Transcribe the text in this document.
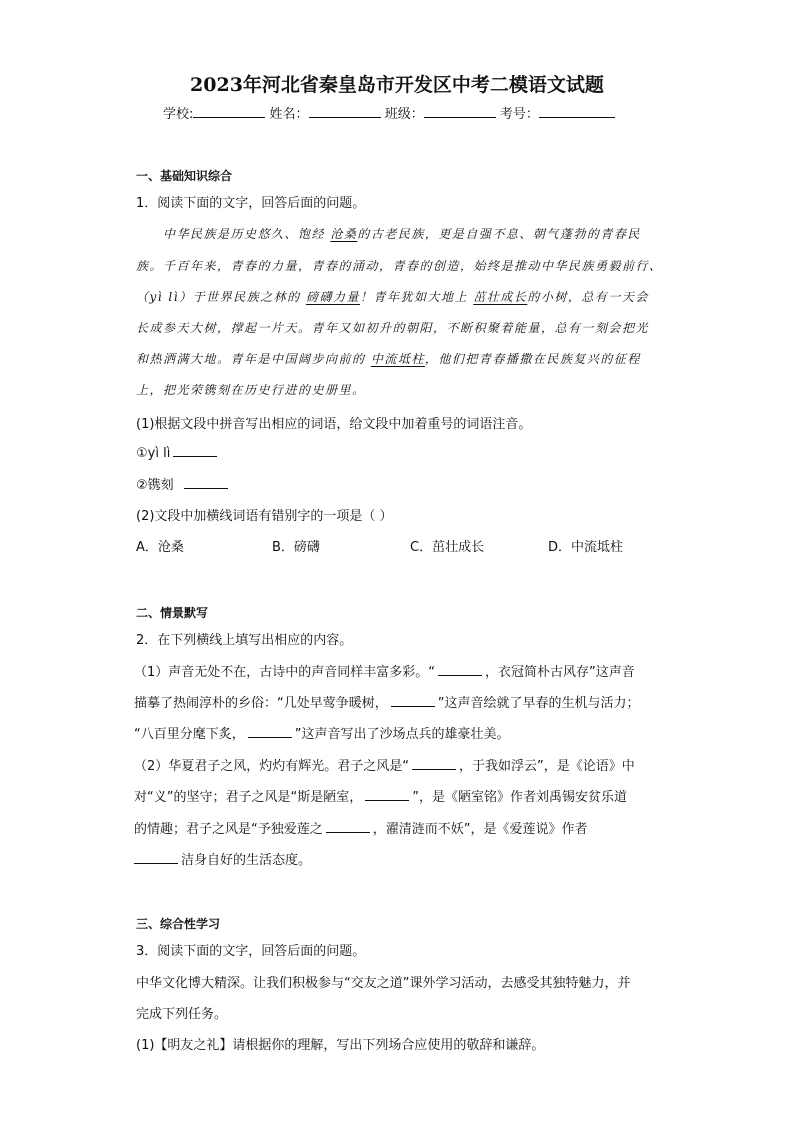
2023年河北省秦皇岛市开发区中考二模语文试题
学校:	姓名：	班级：	考号：
一、基础知识综合
1．阅读下面的文字，回答后面的问题。
中华民族是历史悠久、饱经 沧桑的古老民族，更是自强不息、朝气蓬勃的青春民
族。千百年来，青春的力量，青春的涌动，青春的创造，始终是推动中华民族勇毅前行、
（yì lì）于世界民族之林的 磅礴力量！青年犹如大地上 茁壮成长的小树，总有一天会
长成参天大树，撑起一片天。青年又如初升的朝阳，不断积聚着能量，总有一刻会把光
和热洒满大地。青年是中国阔步向前的 中流坻柱，他们把青春播撒在民族复兴的征程
上，把光荣镌刻在历史行进的史册里。
(1)根据文段中拼音写出相应的词语，给文段中加着重号的词语注音。
①yì lì
②镌刻
(2)文段中加横线词语有错别字的一项是（ ）
A．沧桑	B．磅礴	C．茁壮成长	D．中流坻柱
二、情景默写
2．在下列横线上填写出相应的内容。
（1）声音无处不在，古诗中的声音同样丰富多彩。“	，衣冠简朴古风存”这声音
描摹了热闹淳朴的乡俗：“几处早莺争暖树，	”这声音绘就了早春的生机与活力；
“八百里分麾下炙，	”这声音写出了沙场点兵的雄豪壮美。
（2）华夏君子之风，灼灼有辉光。君子之风是“	，于我如浮云”，是《论语》中
对“义”的坚守；君子之风是“斯是陋室，	”，是《陋室铭》作者刘禹锡安贫乐道
的情趣；君子之风是“予独爱莲之	，濯清涟而不妖”，是《爱莲说》作者
洁身自好的生活态度。
三、综合性学习
3．阅读下面的文字，回答后面的问题。
中华文化博大精深。让我们积极参与“交友之道”课外学习活动，去感受其独特魅力，并
完成下列任务。
(1)【明友之礼】请根据你的理解，写出下列场合应使用的敬辞和谦辞。
